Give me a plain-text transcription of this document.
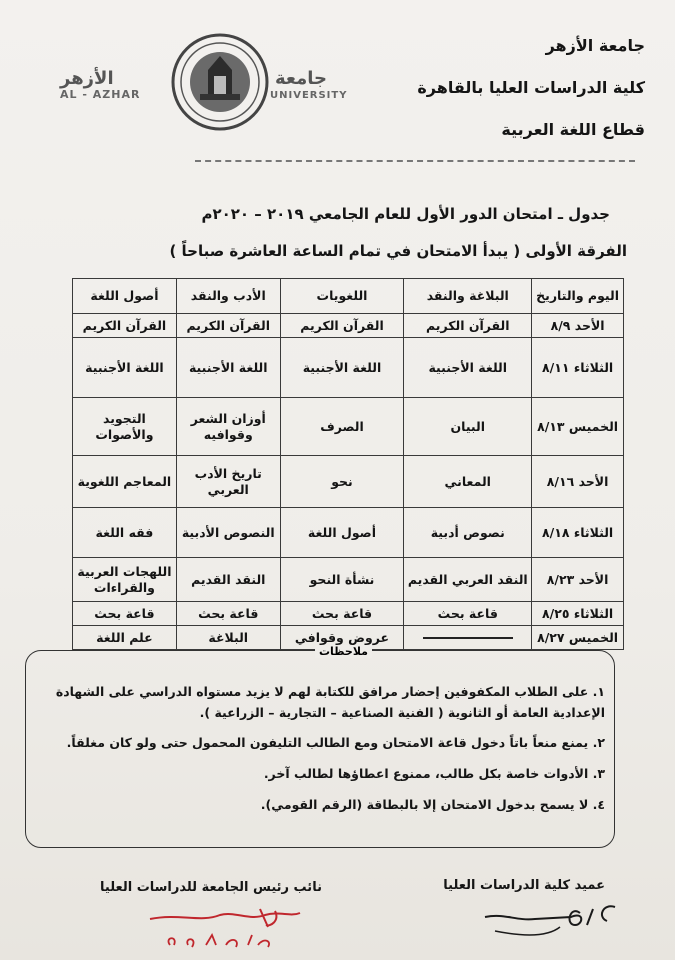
جامعة الأزهر
كلية الدراسات العليا بالقاهرة
قطاع اللغة العربية
الأزهر
AL - AZHAR
جامعة
UNIVERSITY
جدول ـ امتحان الدور الأول للعام الجامعي ٢٠١٩ – ٢٠٢٠م
الفرقة الأولى ( يبدأ الامتحان في تمام الساعة العاشرة صباحاً )
اليوم والتاريخ	البلاغة والنقد	اللغويات	الأدب والنقد	أصول اللغة
الأحد ٨/٩	القرآن الكريم	القرآن الكريم	القرآن الكريم	القرآن الكريم
الثلاثاء ٨/١١	اللغة الأجنبية	اللغة الأجنبية	اللغة الأجنبية	اللغة الأجنبية
الخميس ٨/١٣	البيان	الصرف	أوزان الشعر وقوافيه	التجويد والأصوات
الأحد ٨/١٦	المعاني	نحو	تاريخ الأدب العربي	المعاجم اللغوية
الثلاثاء ٨/١٨	نصوص أدبية	أصول اللغة	النصوص الأدبية	فقه اللغة
الأحد ٨/٢٣	النقد العربي القديم	نشأة النحو	النقد القديم	اللهجات العربية والقراءات
الثلاثاء ٨/٢٥	قاعة بحث	قاعة بحث	قاعة بحث	قاعة بحث
الخميس ٨/٢٧		عروض وقوافي	البلاغة	علم اللغة
ملاحظات
١. على الطلاب المكفوفين إحضار مرافق للكتابة لهم لا يزيد مستواه الدراسي على الشهادة الإعدادية العامة أو الثانوية ( الفنية الصناعية – التجارية – الزراعية ).
٢. يمنع منعاً باتاً دخول قاعة الامتحان ومع الطالب التليفون المحمول حتى ولو كان مغلقاً.
٣. الأدوات خاصة بكل طالب، ممنوع اعطاؤها لطالب آخر.
٤. لا يسمح بدخول الامتحان إلا بالبطاقة (الرقم القومي).
عميد كلية الدراسات العليا
نائب رئيس الجامعة للدراسات العليا
